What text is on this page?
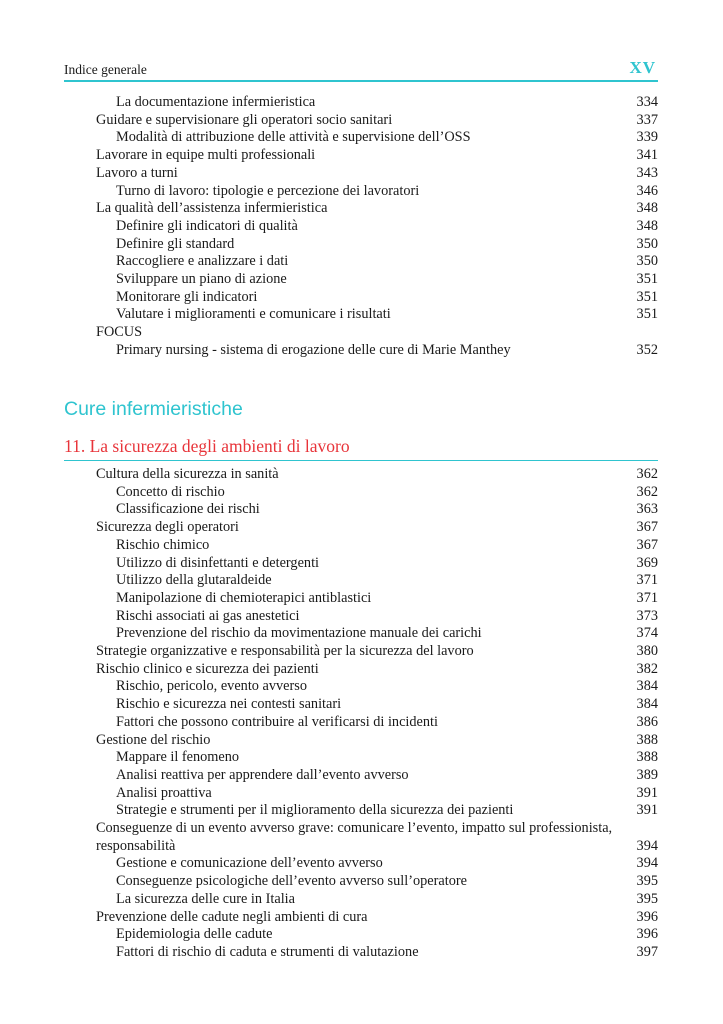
Indice generale	XV
La documentazione infermieristica	334
Guidare e supervisionare gli operatori socio sanitari	337
Modalità di attribuzione delle attività e supervisione dell’OSS	339
Lavorare in equipe multi professionali	341
Lavoro a turni	343
Turno di lavoro: tipologie e percezione dei lavoratori	346
La qualità dell’assistenza infermieristica	348
Definire gli indicatori di qualità	348
Definire gli standard	350
Raccogliere e analizzare i dati	350
Sviluppare un piano di azione	351
Monitorare gli indicatori	351
Valutare i miglioramenti e comunicare i risultati	351
FOCUS
Primary nursing - sistema di erogazione delle cure di Marie Manthey	352
Cure infermieristiche
11. La sicurezza degli ambienti di lavoro
Cultura della sicurezza in sanità	362
Concetto di rischio	362
Classificazione dei rischi	363
Sicurezza degli operatori	367
Rischio chimico	367
Utilizzo di disinfettanti e detergenti	369
Utilizzo della glutaraldeide	371
Manipolazione di chemioterapici antiblastici	371
Rischi associati ai gas anestetici	373
Prevenzione del rischio da movimentazione manuale dei carichi	374
Strategie organizzative e responsabilità per la sicurezza del lavoro	380
Rischio clinico e sicurezza dei pazienti	382
Rischio, pericolo, evento avverso	384
Rischio e sicurezza nei contesti sanitari	384
Fattori che possono contribuire al verificarsi di incidenti	386
Gestione del rischio	388
Mappare il fenomeno	388
Analisi reattiva per apprendere dall’evento avverso	389
Analisi proattiva	391
Strategie e strumenti per il miglioramento della sicurezza dei pazienti	391
Conseguenze di un evento avverso grave: comunicare l’evento, impatto sul professionista, responsabilità	394
Gestione e comunicazione dell’evento avverso	394
Conseguenze psicologiche dell’evento avverso sull’operatore	395
La sicurezza delle cure in Italia	395
Prevenzione delle cadute negli ambienti di cura	396
Epidemiologia delle cadute	396
Fattori di rischio di caduta e strumenti di valutazione	397
